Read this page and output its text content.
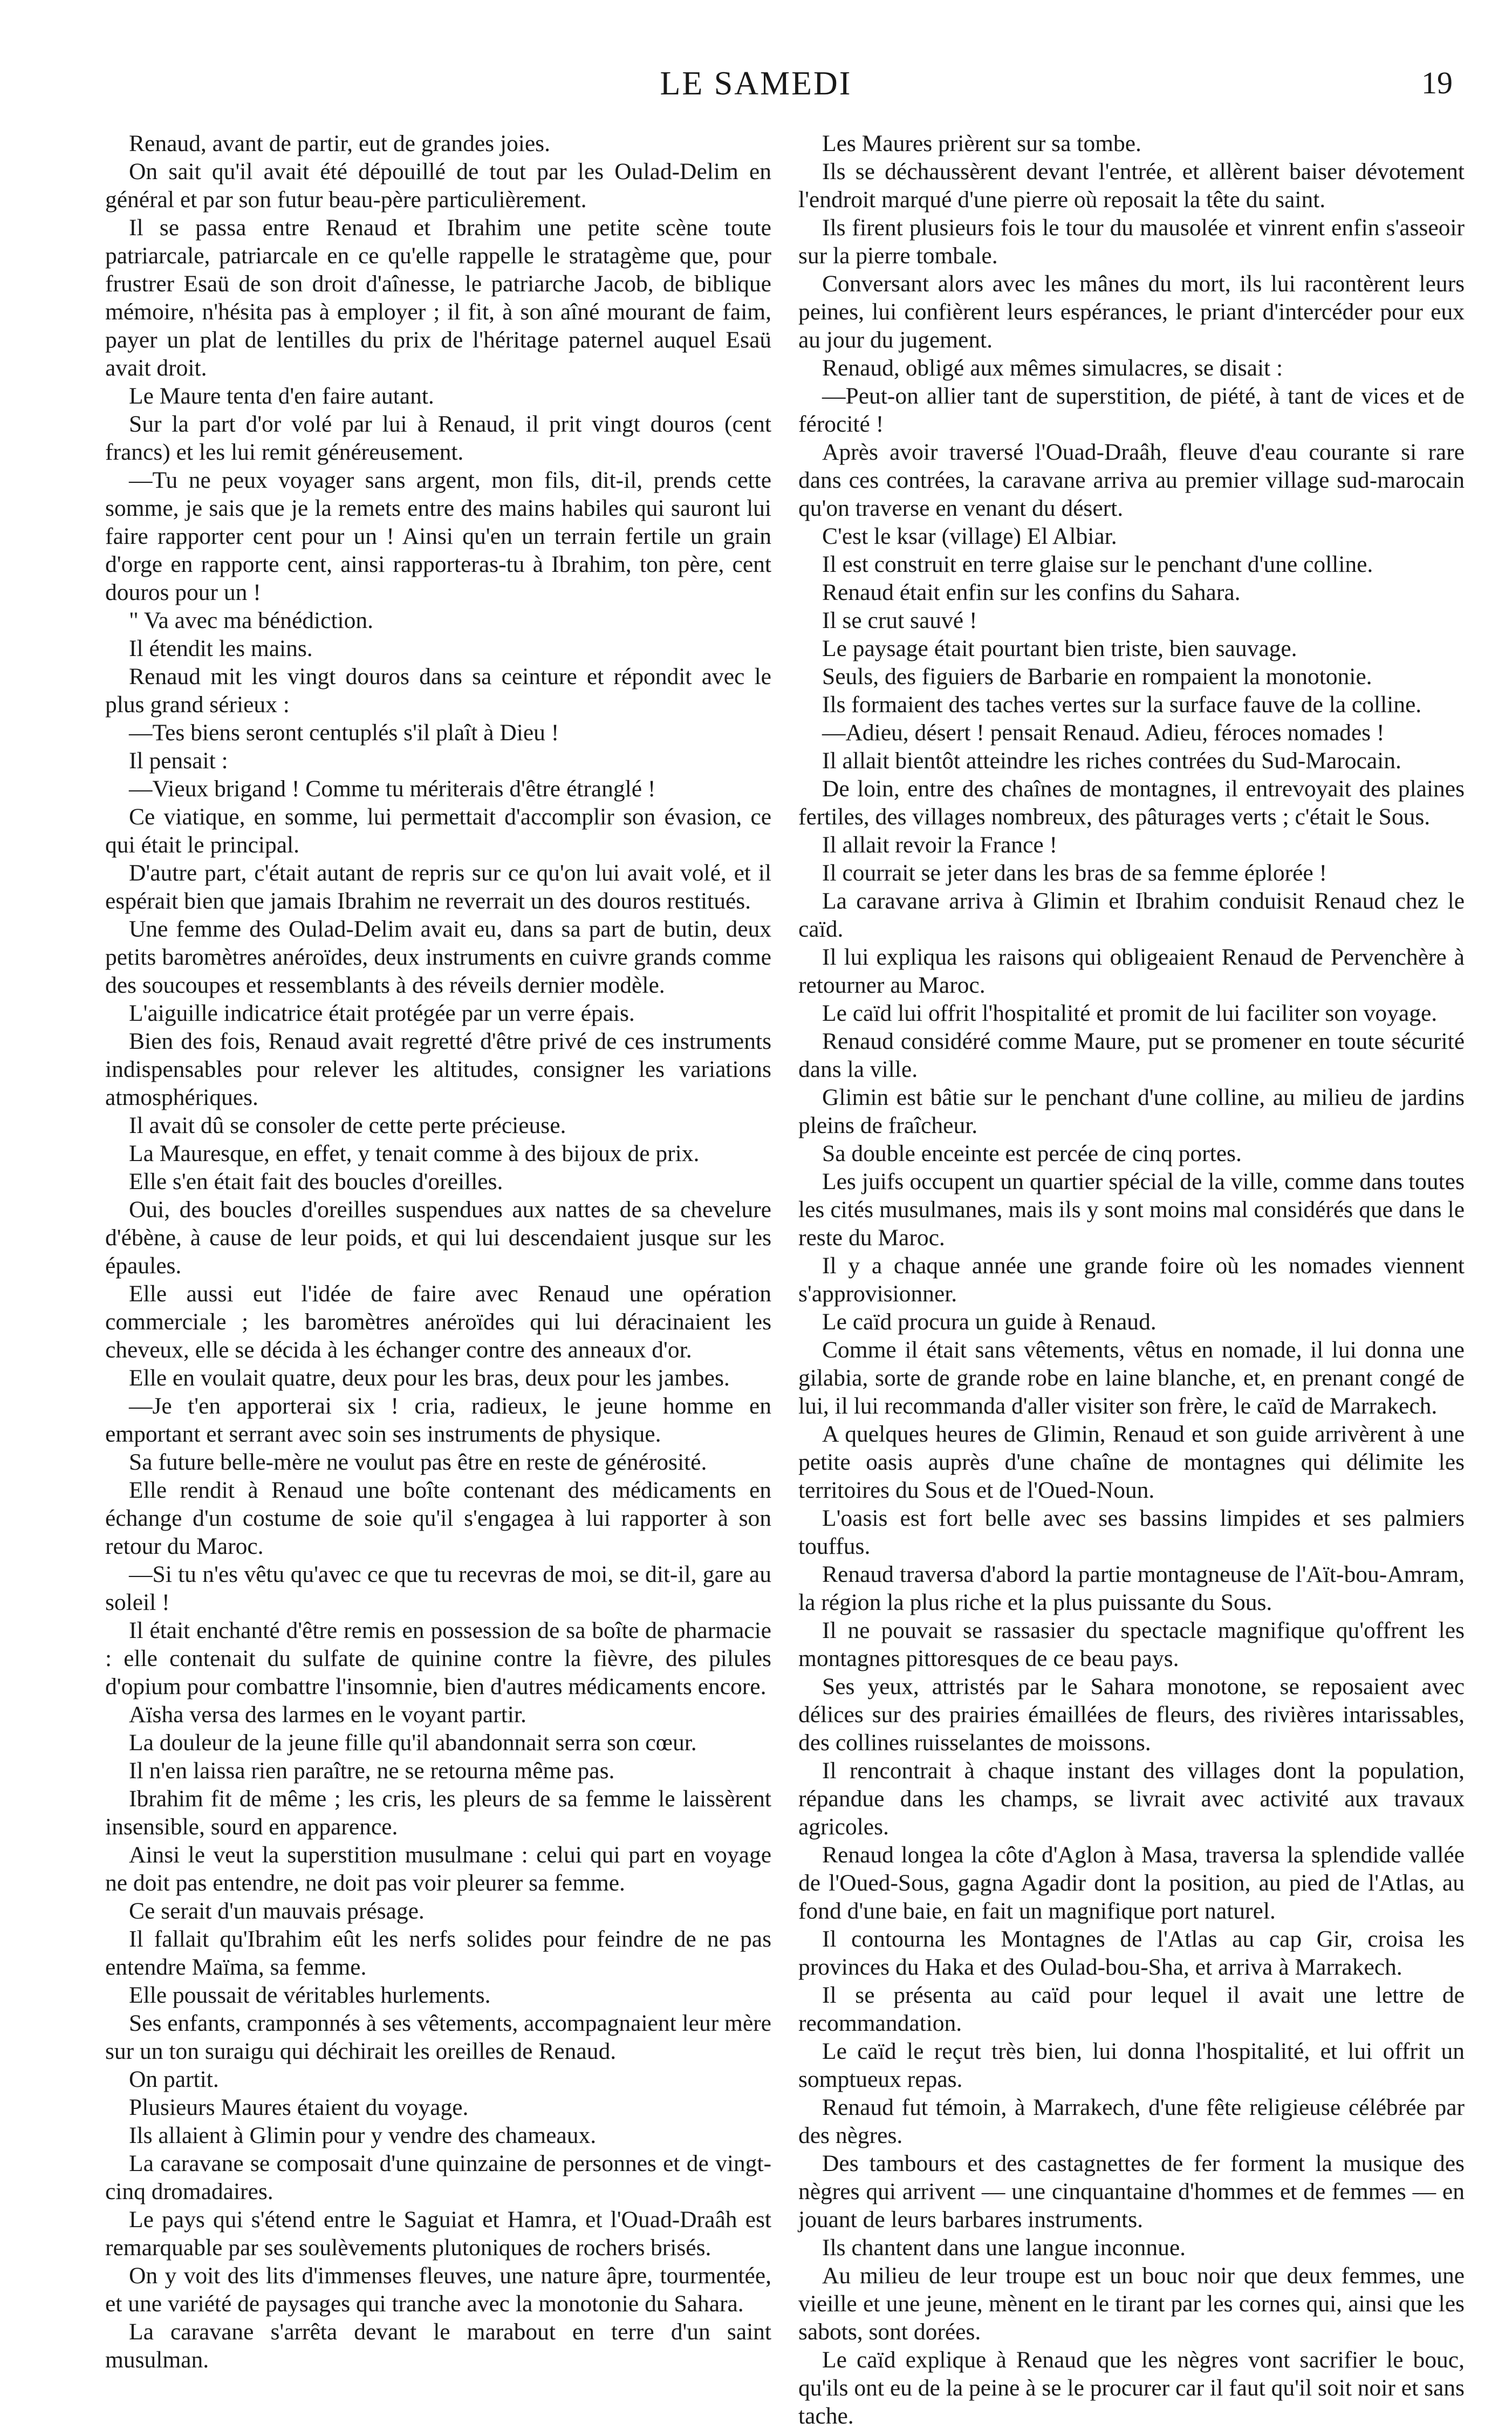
LE SAMEDI	19

Renaud, avant de partir, eut de grandes joies.

On sait qu'il avait été dépouillé de tout par les Oulad-Delim en général et par son futur beau-père particulièrement.

Il se passa entre Renaud et Ibrahim une petite scène toute patriarcale, patriarcale en ce qu'elle rappelle le stratagème que, pour frustrer Esaü de son droit d'aînesse, le patriarche Jacob, de biblique mémoire, n'hésita pas à employer ; il fit, à son aîné mourant de faim, payer un plat de lentilles du prix de l'héritage paternel auquel Esaü avait droit.

Le Maure tenta d'en faire autant.

Sur la part d'or volé par lui à Renaud, il prit vingt douros (cent francs) et les lui remit généreusement.

—Tu ne peux voyager sans argent, mon fils, dit-il, prends cette somme, je sais que je la remets entre des mains habiles qui sauront lui faire rapporter cent pour un ! Ainsi qu'en un terrain fertile un grain d'orge en rapporte cent, ainsi rapporteras-tu à Ibrahim, ton père, cent douros pour un !

" Va avec ma bénédiction.

Il étendit les mains.

Renaud mit les vingt douros dans sa ceinture et répondit avec le plus grand sérieux :

—Tes biens seront centuplés s'il plaît à Dieu !

Il pensait :

—Vieux brigand ! Comme tu mériterais d'être étranglé !

Ce viatique, en somme, lui permettait d'accomplir son évasion, ce qui était le principal.

D'autre part, c'était autant de repris sur ce qu'on lui avait volé, et il espérait bien que jamais Ibrahim ne reverrait un des douros restitués.

Une femme des Oulad-Delim avait eu, dans sa part de butin, deux petits baromètres anéroïdes, deux instruments en cuivre grands comme des soucoupes et ressemblants à des réveils dernier modèle.

L'aiguille indicatrice était protégée par un verre épais.

Bien des fois, Renaud avait regretté d'être privé de ces instruments indispensables pour relever les altitudes, consigner les variations atmosphériques.

Il avait dû se consoler de cette perte précieuse.

La Mauresque, en effet, y tenait comme à des bijoux de prix.

Elle s'en était fait des boucles d'oreilles.

Oui, des boucles d'oreilles suspendues aux nattes de sa chevelure d'ébène, à cause de leur poids, et qui lui descendaient jusque sur les épaules.

Elle aussi eut l'idée de faire avec Renaud une opération commerciale ; les baromètres anéroïdes qui lui déracinaient les cheveux, elle se décida à les échanger contre des anneaux d'or.

Elle en voulait quatre, deux pour les bras, deux pour les jambes.

—Je t'en apporterai six ! cria, radieux, le jeune homme en emportant et serrant avec soin ses instruments de physique.

Sa future belle-mère ne voulut pas être en reste de générosité.

Elle rendit à Renaud une boîte contenant des médicaments en échange d'un costume de soie qu'il s'engagea à lui rapporter à son retour du Maroc.

—Si tu n'es vêtu qu'avec ce que tu recevras de moi, se dit-il, gare au soleil !

Il était enchanté d'être remis en possession de sa boîte de pharmacie : elle contenait du sulfate de quinine contre la fièvre, des pilules d'opium pour combattre l'insomnie, bien d'autres médicaments encore.

Aïsha versa des larmes en le voyant partir.

La douleur de la jeune fille qu'il abandonnait serra son cœur.

Il n'en laissa rien paraître, ne se retourna même pas.

Ibrahim fit de même ; les cris, les pleurs de sa femme le laissèrent insensible, sourd en apparence.

Ainsi le veut la superstition musulmane : celui qui part en voyage ne doit pas entendre, ne doit pas voir pleurer sa femme.

Ce serait d'un mauvais présage.

Il fallait qu'Ibrahim eût les nerfs solides pour feindre de ne pas entendre Maïma, sa femme.

Elle poussait de véritables hurlements.

Ses enfants, cramponnés à ses vêtements, accompagnaient leur mère sur un ton suraigu qui déchirait les oreilles de Renaud.

On partit.

Plusieurs Maures étaient du voyage.

Ils allaient à Glimin pour y vendre des chameaux.

La caravane se composait d'une quinzaine de personnes et de vingt-cinq dromadaires.

Le pays qui s'étend entre le Saguiat et Hamra, et l'Ouad-Draâh est remarquable par ses soulèvements plutoniques de rochers brisés.

On y voit des lits d'immenses fleuves, une nature âpre, tourmentée, et une variété de paysages qui tranche avec la monotonie du Sahara.

La caravane s'arrêta devant le marabout en terre d'un saint musulman.

Les Maures prièrent sur sa tombe.

Ils se déchaussèrent devant l'entrée, et allèrent baiser dévotement l'endroit marqué d'une pierre où reposait la tête du saint.

Ils firent plusieurs fois le tour du mausolée et vinrent enfin s'asseoir sur la pierre tombale.

Conversant alors avec les mânes du mort, ils lui racontèrent leurs peines, lui confièrent leurs espérances, le priant d'intercéder pour eux au jour du jugement.

Renaud, obligé aux mêmes simulacres, se disait :

—Peut-on allier tant de superstition, de piété, à tant de vices et de férocité !

Après avoir traversé l'Ouad-Draâh, fleuve d'eau courante si rare dans ces contrées, la caravane arriva au premier village sud-marocain qu'on traverse en venant du désert.

C'est le ksar (village) El Albiar.

Il est construit en terre glaise sur le penchant d'une colline.

Renaud était enfin sur les confins du Sahara.

Il se crut sauvé !

Le paysage était pourtant bien triste, bien sauvage.

Seuls, des figuiers de Barbarie en rompaient la monotonie.

Ils formaient des taches vertes sur la surface fauve de la colline.

—Adieu, désert ! pensait Renaud. Adieu, féroces nomades !

Il allait bientôt atteindre les riches contrées du Sud-Marocain.

De loin, entre des chaînes de montagnes, il entrevoyait des plaines fertiles, des villages nombreux, des pâturages verts ; c'était le Sous.

Il allait revoir la France !

Il courrait se jeter dans les bras de sa femme éplorée !

La caravane arriva à Glimin et Ibrahim conduisit Renaud chez le caïd.

Il lui expliqua les raisons qui obligeaient Renaud de Pervenchère à retourner au Maroc.

Le caïd lui offrit l'hospitalité et promit de lui faciliter son voyage.

Renaud considéré comme Maure, put se promener en toute sécurité dans la ville.

Glimin est bâtie sur le penchant d'une colline, au milieu de jardins pleins de fraîcheur.

Sa double enceinte est percée de cinq portes.

Les juifs occupent un quartier spécial de la ville, comme dans toutes les cités musulmanes, mais ils y sont moins mal considérés que dans le reste du Maroc.

Il y a chaque année une grande foire où les nomades viennent s'approvisionner.

Le caïd procura un guide à Renaud.

Comme il était sans vêtements, vêtus en nomade, il lui donna une gilabia, sorte de grande robe en laine blanche, et, en prenant congé de lui, il lui recommanda d'aller visiter son frère, le caïd de Marrakech.

A quelques heures de Glimin, Renaud et son guide arrivèrent à une petite oasis auprès d'une chaîne de montagnes qui délimite les territoires du Sous et de l'Oued-Noun.

L'oasis est fort belle avec ses bassins limpides et ses palmiers touffus.

Renaud traversa d'abord la partie montagneuse de l'Aït-bou-Amram, la région la plus riche et la plus puissante du Sous.

Il ne pouvait se rassasier du spectacle magnifique qu'offrent les montagnes pittoresques de ce beau pays.

Ses yeux, attristés par le Sahara monotone, se reposaient avec délices sur des prairies émaillées de fleurs, des rivières intarissables, des collines ruisselantes de moissons.

Il rencontrait à chaque instant des villages dont la population, répandue dans les champs, se livrait avec activité aux travaux agricoles.

Renaud longea la côte d'Aglon à Masa, traversa la splendide vallée de l'Oued-Sous, gagna Agadir dont la position, au pied de l'Atlas, au fond d'une baie, en fait un magnifique port naturel.

Il contourna les Montagnes de l'Atlas au cap Gir, croisa les provinces du Haka et des Oulad-bou-Sha, et arriva à Marrakech.

Il se présenta au caïd pour lequel il avait une lettre de recommandation.

Le caïd le reçut très bien, lui donna l'hospitalité, et lui offrit un somptueux repas.

Renaud fut témoin, à Marrakech, d'une fête religieuse célébrée par des nègres.

Des tambours et des castagnettes de fer forment la musique des nègres qui arrivent — une cinquantaine d'hommes et de femmes — en jouant de leurs barbares instruments.

Ils chantent dans une langue inconnue.

Au milieu de leur troupe est un bouc noir que deux femmes, une vieille et une jeune, mènent en le tirant par les cornes qui, ainsi que les sabots, sont dorées.

Le caïd explique à Renaud que les nègres vont sacrifier le bouc, qu'ils ont eu de la peine à se le procurer car il faut qu'il soit noir et sans tache.
